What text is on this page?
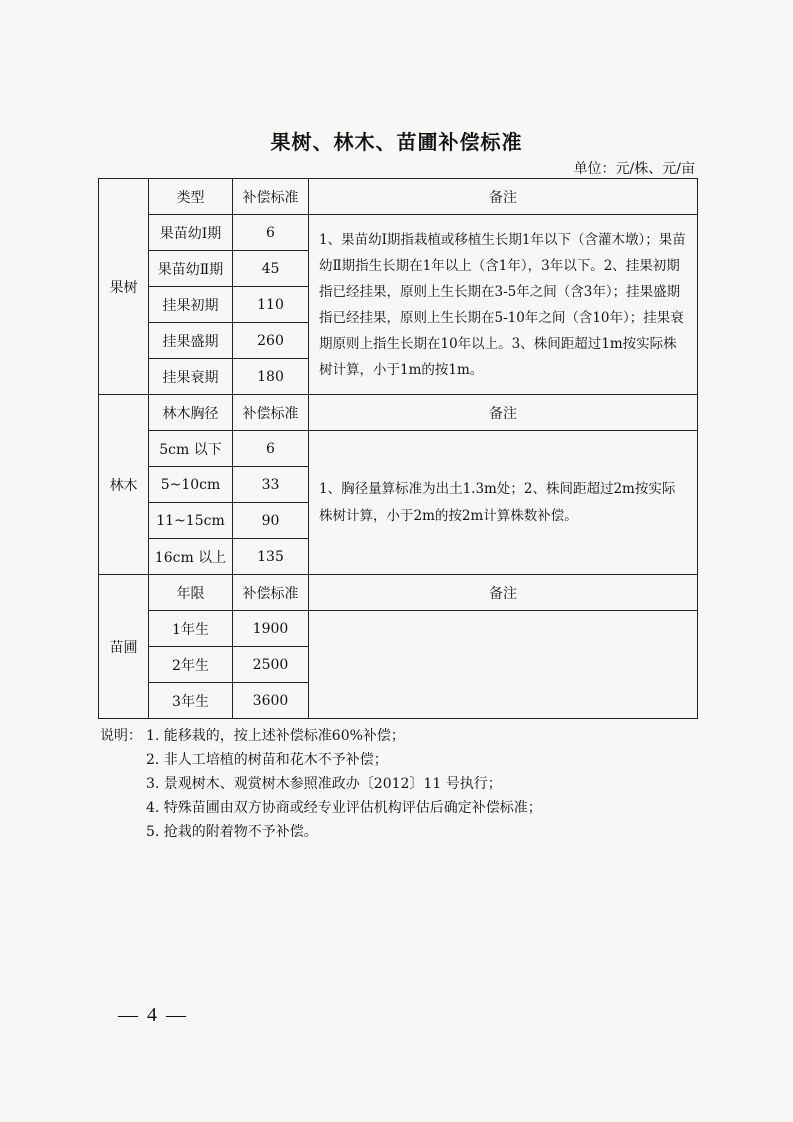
果树、林木、苗圃补偿标准
单位：元/株、元/亩
果树	类型	补偿标准	备注
	果苗幼Ⅰ期	6	1、果苗幼Ⅰ期指栽植或移植生长期1年以下（含灌木墩）；果苗幼Ⅱ期指生长期在1年以上（含1年），3年以下。2、挂果初期指已经挂果，原则上生长期在3-5年之间（含3年）；挂果盛期指已经挂果，原则上生长期在5-10年之间（含10年）；挂果衰期原则上指生长期在10年以上。3、株间距超过1m按实际株树计算，小于1m的按1m。
	果苗幼Ⅱ期	45	
	挂果初期	110	
	挂果盛期	260	
	挂果衰期	180	
林木	林木胸径	补偿标准	备注
	5cm 以下	6	1、胸径量算标准为出土1.3m处；2、株间距超过2m按实际株树计算，小于2m的按2m计算株数补偿。
	5~10cm	33	
	11~15cm	90	
	16cm 以上	135	
苗圃	年限	补偿标准	备注
	1年生	1900	
	2年生	2500	
	3年生	3600	
说明： 1. 能移栽的，按上述补偿标准60%补偿；
2. 非人工培植的树苗和花木不予补偿；
3. 景观树木、观赏树木参照准政办〔2012〕11 号执行；
4. 特殊苗圃由双方协商或经专业评估机构评估后确定补偿标准；
5. 抢栽的附着物不予补偿。
— 4 —
